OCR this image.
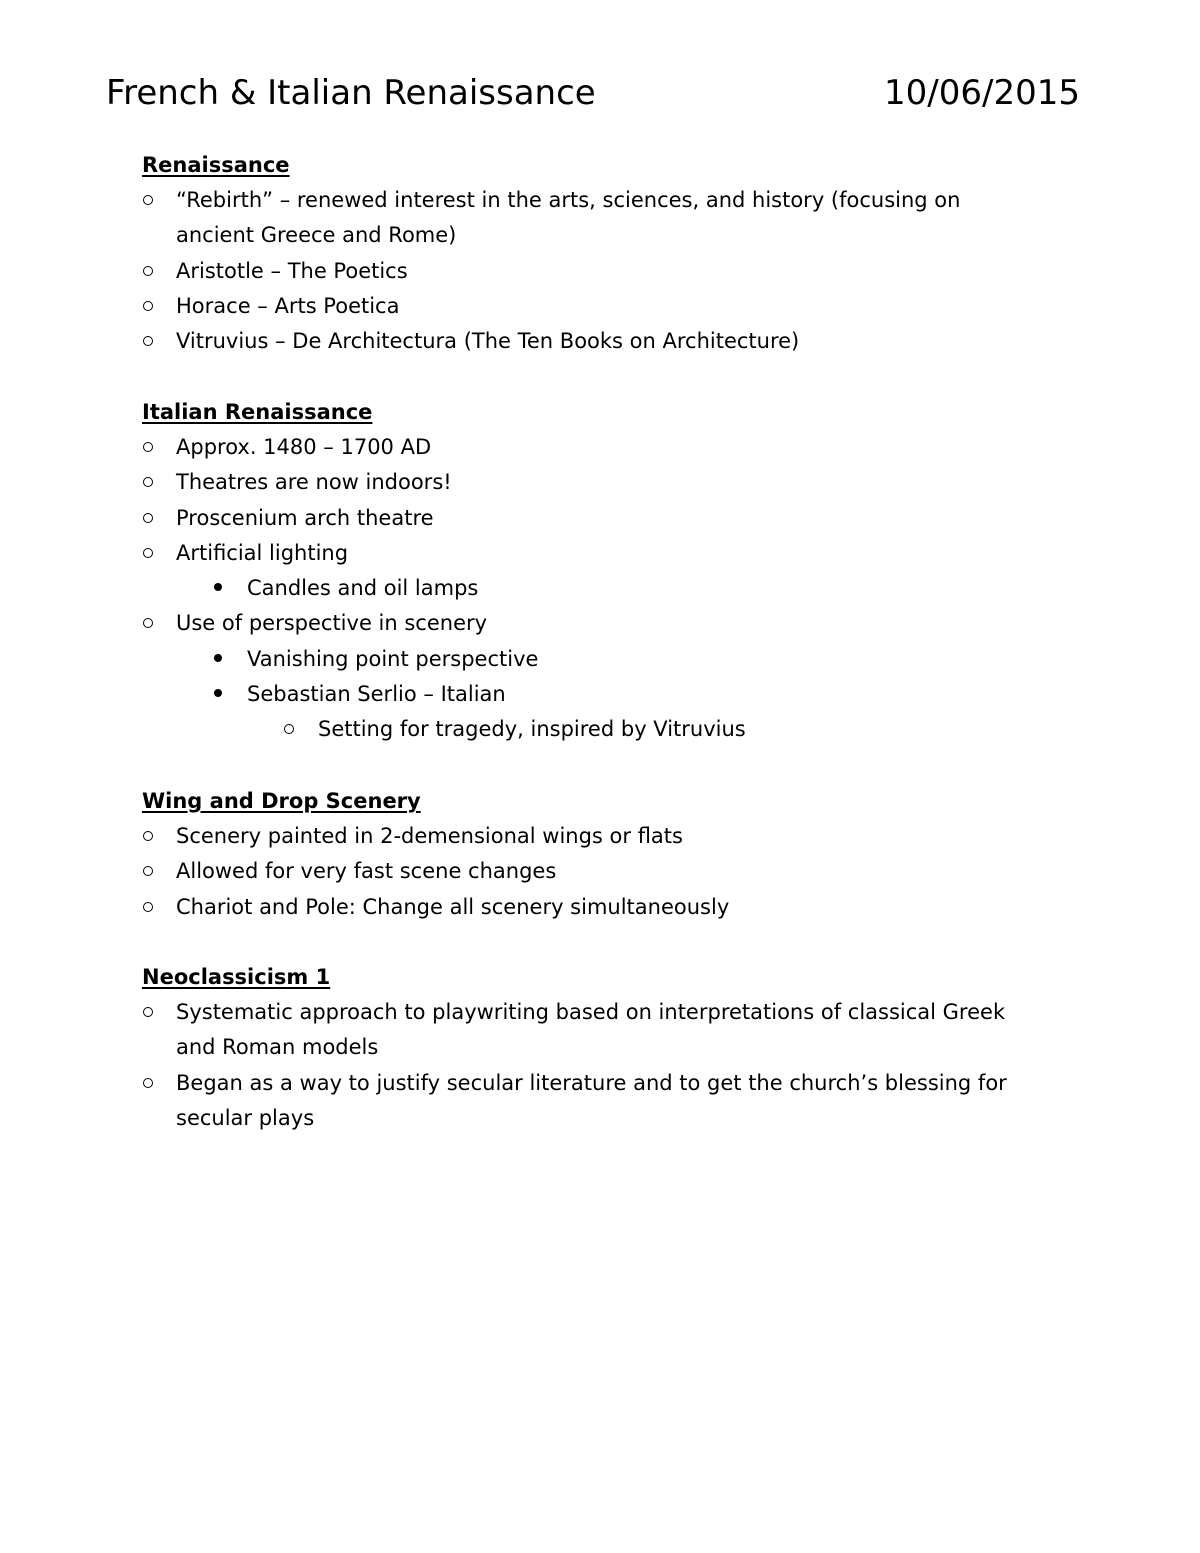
French & Italian Renaissance	10/06/2015
Renaissance
“Rebirth” – renewed interest in the arts, sciences, and history (focusing on ancient Greece and Rome)
Aristotle – The Poetics
Horace – Arts Poetica
Vitruvius – De Architectura (The Ten Books on Architecture)
Italian Renaissance
Approx. 1480 – 1700 AD
Theatres are now indoors!
Proscenium arch theatre
Artificial lighting
Candles and oil lamps
Use of perspective in scenery
Vanishing point perspective
Sebastian Serlio – Italian
Setting for tragedy, inspired by Vitruvius
Wing and Drop Scenery
Scenery painted in 2-demensional wings or flats
Allowed for very fast scene changes
Chariot and Pole: Change all scenery simultaneously
Neoclassicism 1
Systematic approach to playwriting based on interpretations of classical Greek and Roman models
Began as a way to justify secular literature and to get the church’s blessing for secular plays
